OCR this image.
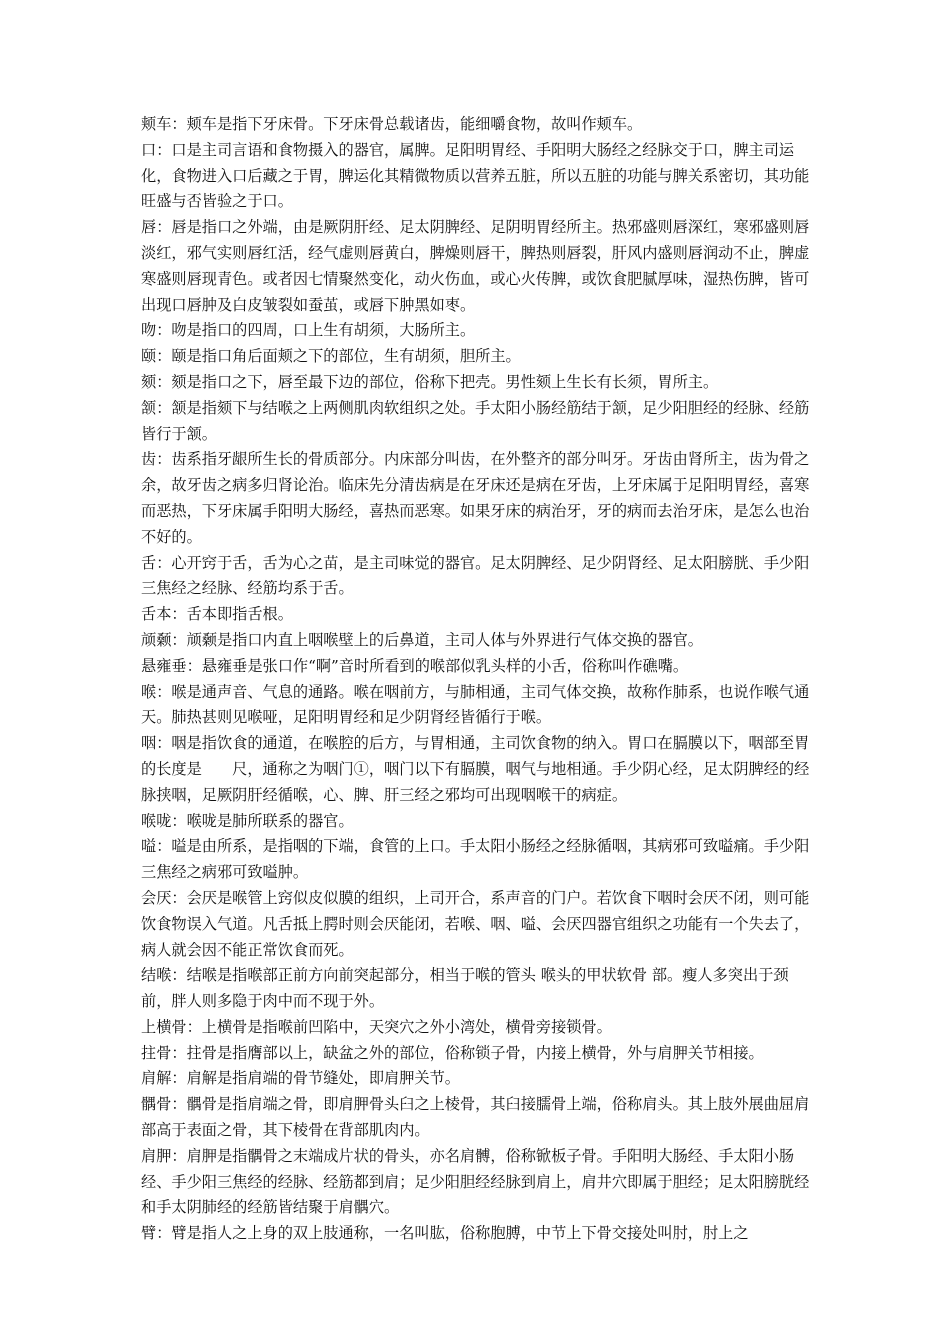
颊车：颊车是指下牙床骨。下牙床骨总载诸齿，能细嚼食物，故叫作颊车。

口：口是主司言语和食物摄入的器官，属脾。足阳明胃经、手阳明大肠经之经脉交于口，脾主司运化，食物进入口后藏之于胃，脾运化其精微物质以营养五脏，所以五脏的功能与脾关系密切，其功能旺盛与否皆验之于口。

唇：唇是指口之外端，由是厥阴肝经、足太阴脾经、足阴明胃经所主。热邪盛则唇深红，寒邪盛则唇淡红，邪气实则唇红活，经气虚则唇黄白，脾燥则唇干，脾热则唇裂，肝风内盛则唇润动不止，脾虚寒盛则唇现青色。或者因七情聚然变化，动火伤血，或心火传脾，或饮食肥腻厚味，湿热伤脾，皆可出现口唇肿及白皮皱裂如蚕茧，或唇下肿黑如枣。

吻：吻是指口的四周，口上生有胡须，大肠所主。

颐：颐是指口角后面颊之下的部位，生有胡须，胆所主。

颏：颏是指口之下，唇至最下边的部位，俗称下把壳。男性颏上生长有长须，胃所主。

颔：颔是指颏下与结喉之上两侧肌肉软组织之处。手太阳小肠经筋结于颔，足少阳胆经的经脉、经筋皆行于颔。

齿：齿系指牙龈所生长的骨质部分。内床部分叫齿，在外整齐的部分叫牙。牙齿由肾所主，齿为骨之余，故牙齿之病多归肾论治。临床先分清齿病是在牙床还是病在牙齿，上牙床属于足阳明胃经，喜寒而恶热，下牙床属手阳明大肠经，喜热而恶寒。如果牙床的病治牙，牙的病而去治牙床，是怎么也治不好的。

舌：心开窍于舌，舌为心之苗，是主司味觉的器官。足太阴脾经、足少阴肾经、足太阳膀胱、手少阳三焦经之经脉、经筋均系于舌。

舌本：舌本即指舌根。

颃颡：颃颡是指口内直上咽喉壁上的后鼻道，主司人体与外界进行气体交换的器官。

悬雍垂：悬雍垂是张口作“啊”音时所看到的喉部似乳头样的小舌，俗称叫作礁嘴。

喉：喉是通声音、气息的通路。喉在咽前方，与肺相通，主司气体交换，故称作肺系，也说作喉气通天。肺热甚则见喉哑，足阳明胃经和足少阴肾经皆循行于喉。

咽：咽是指饮食的通道，在喉腔的后方，与胃相通，主司饮食物的纳入。胃口在膈膜以下，咽部至胃的长度是　　尺，通称之为咽门①，咽门以下有膈膜，咽气与地相通。手少阴心经，足太阴脾经的经脉挟咽，足厥阴肝经循喉，心、脾、肝三经之邪均可出现咽喉干的病症。

喉咙：喉咙是肺所联系的器官。

嗌：嗌是由所系，是指咽的下端，食管的上口。手太阳小肠经之经脉循咽，其病邪可致嗌痛。手少阳三焦经之病邪可致嗌肿。

会厌：会厌是喉管上窍似皮似膜的组织，上司开合，系声音的门户。若饮食下咽时会厌不闭，则可能饮食物误入气道。凡舌抵上腭时则会厌能闭，若喉、咽、嗌、会厌四器官组织之功能有一个失去了，病人就会因不能正常饮食而死。

结喉：结喉是指喉部正前方向前突起部分，相当于喉的管头 喉头的甲状软骨 部。瘦人多突出于颈前，胖人则多隐于肉中而不现于外。

上横骨：上横骨是指喉前凹陷中，天突穴之外小湾处，横骨旁接锁骨。

拄骨：拄骨是指膺部以上，缺盆之外的部位，俗称锁子骨，内接上横骨，外与肩胛关节相接。

肩解：肩解是指肩端的骨节缝处，即肩胛关节。

髃骨：髃骨是指肩端之骨，即肩胛骨头臼之上棱骨，其臼接臑骨上端，俗称肩头。其上肢外展曲屈肩部高于表面之骨，其下棱骨在背部肌肉内。

肩胛：肩胛是指髃骨之末端成片状的骨头，亦名肩髆，俗称锨板子骨。手阳明大肠经、手太阳小肠经、手少阳三焦经的经脉、经筋都到肩；足少阳胆经经脉到肩上，肩井穴即属于胆经；足太阳膀胱经和手太阴肺经的经筋皆结聚于肩髃穴。

臂：臂是指人之上身的双上肢通称，一名叫肱，俗称胞膊，中节上下骨交接处叫肘，肘上之
